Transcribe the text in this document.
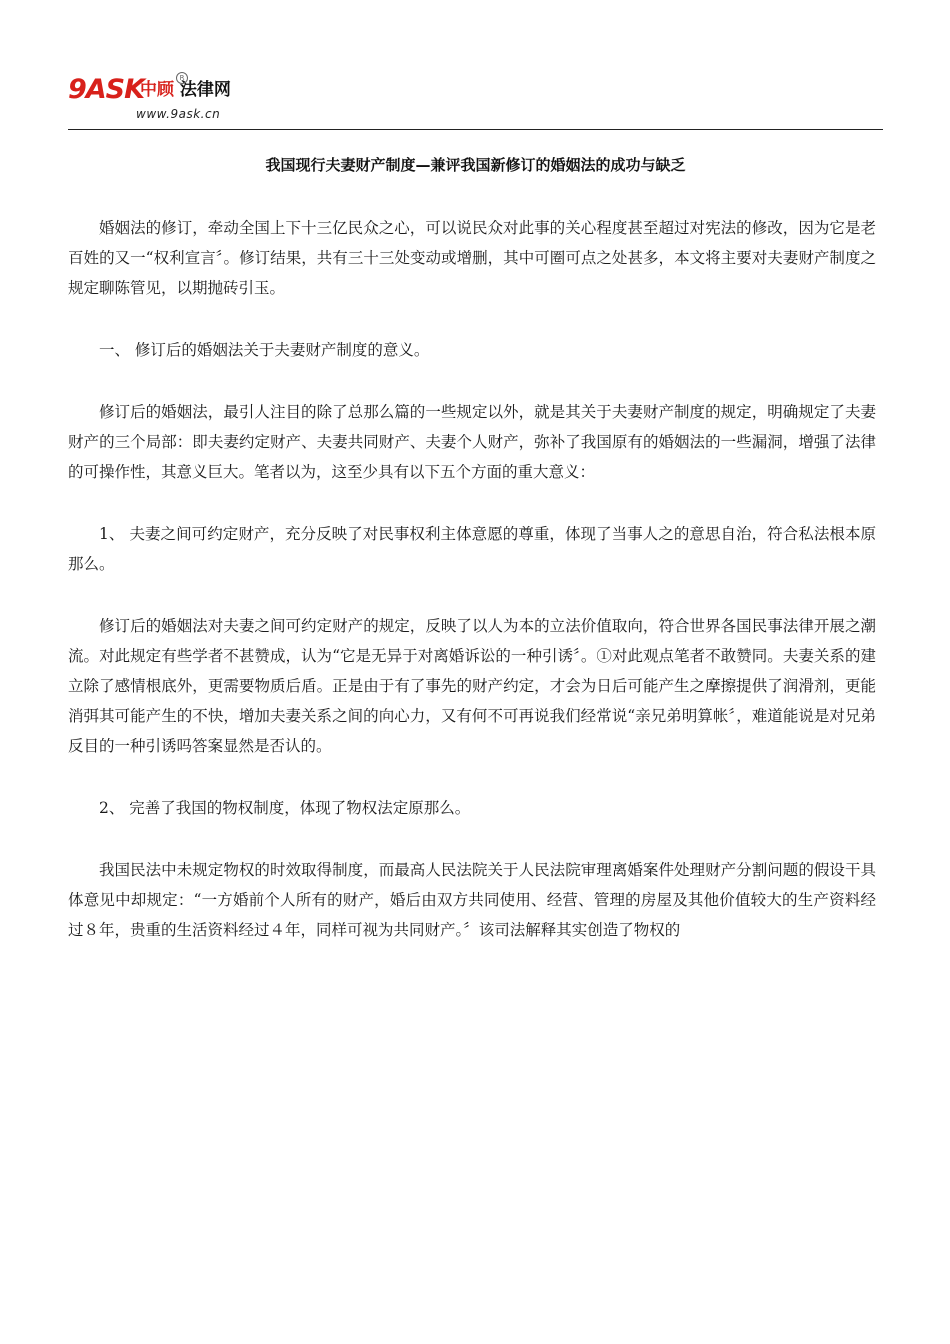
9ASK
中顾 法律网
R
www.9ask.cn
我国现行夫妻财产制度—兼评我国新修订的婚姻法的成功与缺乏

婚姻法的修订，牵动全国上下十三亿民众之心，可以说民众对此事的关心程度甚至超过对宪法的修改，因为它是老百姓的又一“权利宣言〞。修订结果，共有三十三处变动或增删，其中可圈可点之处甚多，本文将主要对夫妻财产制度之规定聊陈管见，以期抛砖引玉。

一、 修订后的婚姻法关于夫妻财产制度的意义。

修订后的婚姻法，最引人注目的除了总那么篇的一些规定以外，就是其关于夫妻财产制度的规定，明确规定了夫妻财产的三个局部：即夫妻约定财产、夫妻共同财产、夫妻个人财产，弥补了我国原有的婚姻法的一些漏洞，增强了法律的可操作性，其意义巨大。笔者以为，这至少具有以下五个方面的重大意义：

1、 夫妻之间可约定财产，充分反映了对民事权利主体意愿的尊重，体现了当事人之的意思自治，符合私法根本原那么。

修订后的婚姻法对夫妻之间可约定财产的规定，反映了以人为本的立法价值取向，符合世界各国民事法律开展之潮流。对此规定有些学者不甚赞成，认为“它是无异于对离婚诉讼的一种引诱〞。①对此观点笔者不敢赞同。夫妻关系的建立除了感情根底外，更需要物质后盾。正是由于有了事先的财产约定，才会为日后可能产生之摩擦提供了润滑剂，更能消弭其可能产生的不快，增加夫妻关系之间的向心力，又有何不可再说我们经常说“亲兄弟明算帐〞，难道能说是对兄弟反目的一种引诱吗答案显然是否认的。

2、 完善了我国的物权制度，体现了物权法定原那么。

我国民法中未规定物权的时效取得制度，而最高人民法院关于人民法院审理离婚案件处理财产分割问题的假设干具体意见中却规定：“一方婚前个人所有的财产，婚后由双方共同使用、经营、管理的房屋及其他价值较大的生产资料经过８年，贵重的生活资料经过４年，同样可视为共同财产。〞该司法解释其实创造了物权的
